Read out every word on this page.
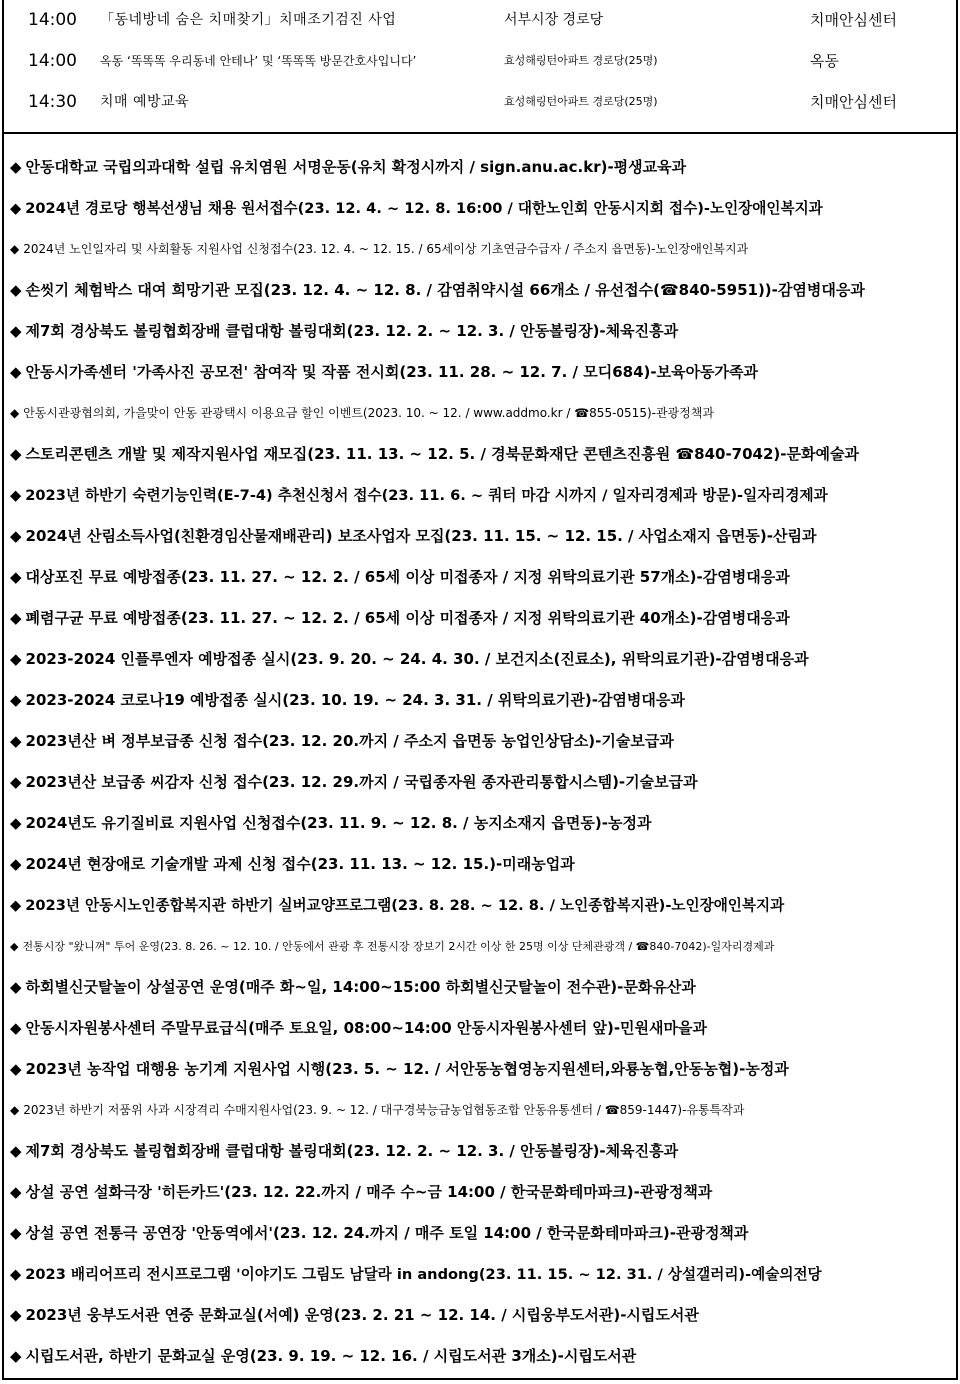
14:00 「동네방네 숨은 치매찾기」치매조기검진 사업	서부시장 경로당	치매안심센터
14:00 옥동 ‘똑똑똑 우리동네 안테나’ 및 ‘똑똑똑 방문간호사입니다’	효성해링턴아파트 경로당(25명)	옥동
14:30 치매 예방교육	효성해링턴아파트 경로당(25명)	치매안심센터
◆ 안동대학교 국립의과대학 설립 유치염원 서명운동(유치 확정시까지 / sign.anu.ac.kr)-평생교육과
◆ 2024년 경로당 행복선생님 채용 원서접수(23. 12. 4. ~ 12. 8. 16:00 / 대한노인회 안동시지회 접수)-노인장애인복지과
◆ 2024년 노인일자리 및 사회활동 지원사업 신청접수(23. 12. 4. ~ 12. 15. / 65세이상 기초연금수급자 / 주소지 읍면동)-노인장애인복지과
◆ 손씻기 체험박스 대여 희망기관 모집(23. 12. 4. ~ 12. 8. / 감염취약시설 66개소 / 유선접수(☎840-5951))-감염병대응과
◆ 제7회 경상북도 볼링협회장배 클럽대항 볼링대회(23. 12. 2. ~ 12. 3. / 안동볼링장)-체육진흥과
◆ 안동시가족센터 '가족사진 공모전' 참여작 및 작품 전시회(23. 11. 28. ~ 12. 7. / 모디684)-보육아동가족과
◆ 안동시관광협의회, 가을맞이 안동 관광택시 이용요금 할인 이벤트(2023. 10. ~ 12. / www.addmo.kr / ☎855-0515)-관광정책과
◆ 스토리콘텐츠 개발 및 제작지원사업 재모집(23. 11. 13. ~ 12. 5. / 경북문화재단 콘텐츠진흥원 ☎840-7042)-문화예술과
◆ 2023년 하반기 숙련기능인력(E-7-4) 추천신청서 접수(23. 11. 6. ~ 쿼터 마감 시까지 / 일자리경제과 방문)-일자리경제과
◆ 2024년 산림소득사업(친환경임산물재배관리) 보조사업자 모집(23. 11. 15. ~ 12. 15. / 사업소재지 읍면동)-산림과
◆ 대상포진 무료 예방접종(23. 11. 27. ~ 12. 2. / 65세 이상 미접종자 / 지정 위탁의료기관 57개소)-감염병대응과
◆ 폐렴구균 무료 예방접종(23. 11. 27. ~ 12. 2. / 65세 이상 미접종자 / 지정 위탁의료기관 40개소)-감염병대응과
◆ 2023-2024 인플루엔자 예방접종 실시(23. 9. 20. ~ 24. 4. 30. / 보건지소(진료소), 위탁의료기관)-감염병대응과
◆ 2023-2024 코로나19 예방접종 실시(23. 10. 19. ~ 24. 3. 31. / 위탁의료기관)-감염병대응과
◆ 2023년산 벼 정부보급종 신청 접수(23. 12. 20.까지 / 주소지 읍면동 농업인상담소)-기술보급과
◆ 2023년산 보급종 씨감자 신청 접수(23. 12. 29.까지 / 국립종자원 종자관리통합시스템)-기술보급과
◆ 2024년도 유기질비료 지원사업 신청접수(23. 11. 9. ~ 12. 8. / 농지소재지 읍면동)-농정과
◆ 2024년 현장애로 기술개발 과제 신청 접수(23. 11. 13. ~ 12. 15.)-미래농업과
◆ 2023년 안동시노인종합복지관 하반기 실버교양프로그램(23. 8. 28. ~ 12. 8. / 노인종합복지관)-노인장애인복지과
◆ 전통시장 "왔니껴" 투어 운영(23. 8. 26. ~ 12. 10. / 안동에서 관광 후 전통시장 장보기 2시간 이상 한 25명 이상 단체관광객 / ☎840-7042)-일자리경제과
◆ 하회별신굿탈놀이 상설공연 운영(매주 화~일, 14:00~15:00 하회별신굿탈놀이 전수관)-문화유산과
◆ 안동시자원봉사센터 주말무료급식(매주 토요일, 08:00~14:00 안동시자원봉사센터 앞)-민원새마을과
◆ 2023년 농작업 대행용 농기계 지원사업 시행(23. 5. ~ 12. / 서안동농협영농지원센터,와룡농협,안동농협)-농정과
◆ 2023년 하반기 저품위 사과 시장격리 수매지원사업(23. 9. ~ 12. / 대구경북능금농업협동조합 안동유통센터 / ☎859-1447)-유통특작과
◆ 제7회 경상북도 볼링협회장배 클럽대항 볼링대회(23. 12. 2. ~ 12. 3. / 안동볼링장)-체육진흥과
◆ 상설 공연 설화극장 '히든카드'(23. 12. 22.까지 / 매주 수~금 14:00 / 한국문화테마파크)-관광정책과
◆ 상설 공연 전통극 공연장 '안동역에서'(23. 12. 24.까지 / 매주 토일 14:00 / 한국문화테마파크)-관광정책과
◆ 2023 배리어프리 전시프로그램 '이야기도 그림도 남달라 in andong(23. 11. 15. ~ 12. 31. / 상설갤러리)-예술의전당
◆ 2023년 웅부도서관 연중 문화교실(서예) 운영(23. 2. 21 ~ 12. 14. / 시립웅부도서관)-시립도서관
◆ 시립도서관, 하반기 문화교실 운영(23. 9. 19. ~ 12. 16. / 시립도서관 3개소)-시립도서관
